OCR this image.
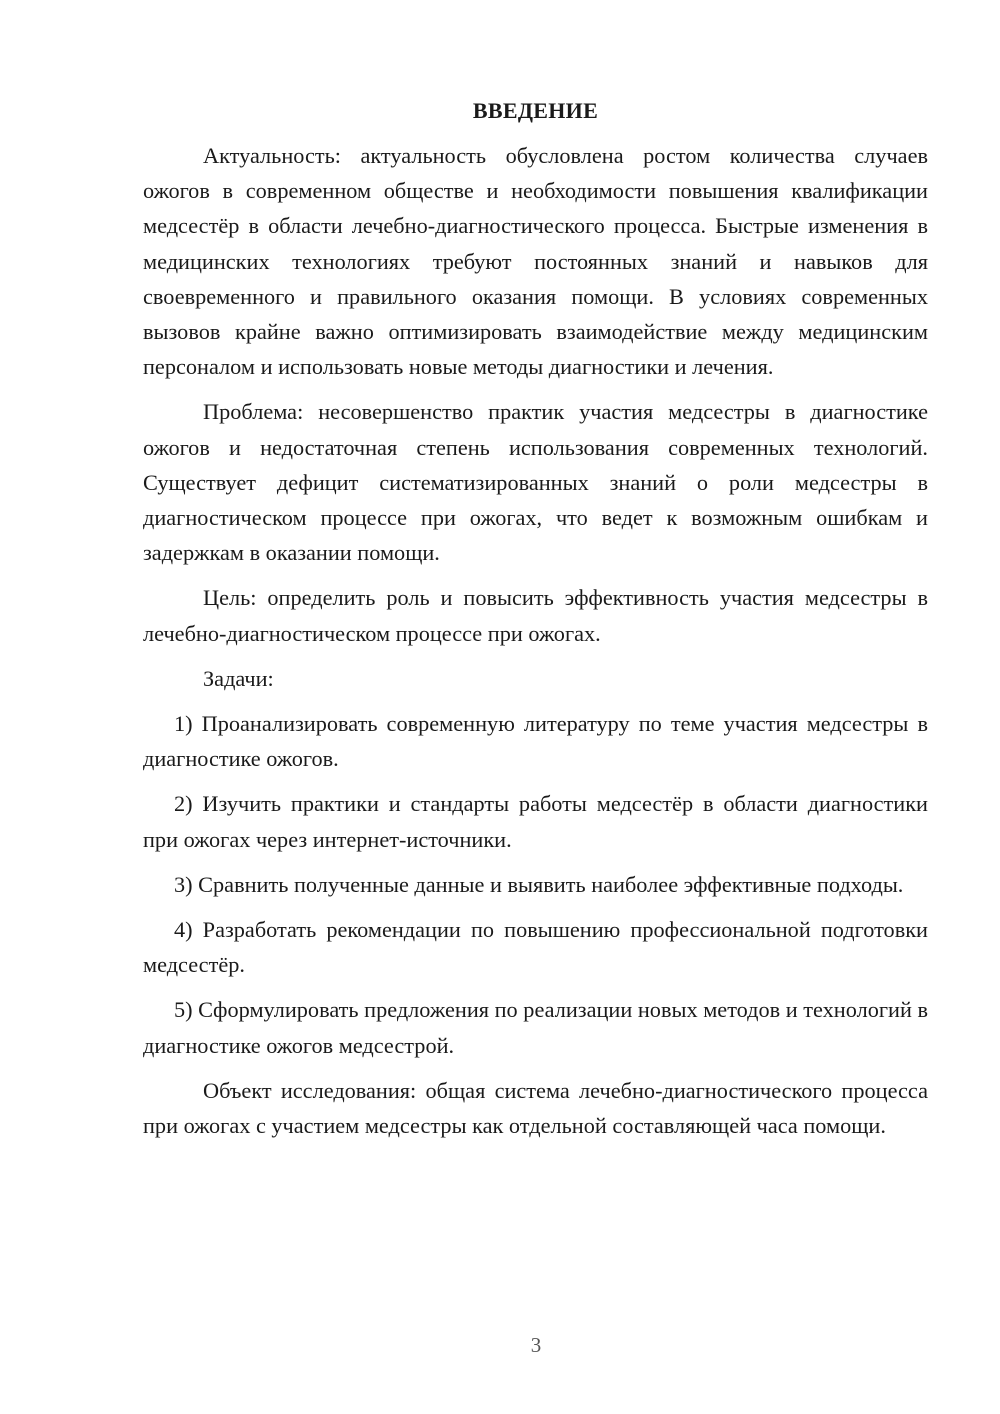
ВВЕДЕНИЕ

Актуальность: актуальность обусловлена ростом количества случаев ожогов в современном обществе и необходимости повышения квалификации медсестёр в области лечебно-диагностического процесса. Быстрые изменения в медицинских технологиях требуют постоянных знаний и навыков для своевременного и правильного оказания помощи. В условиях современных вызовов крайне важно оптимизировать взаимодействие между медицинским персоналом и использовать новые методы диагностики и лечения.

Проблема: несовершенство практик участия медсестры в диагностике ожогов и недостаточная степень использования современных технологий. Существует дефицит систематизированных знаний о роли медсестры в диагностическом процессе при ожогах, что ведет к возможным ошибкам и задержкам в оказании помощи.

Цель: определить роль и повысить эффективность участия медсестры в лечебно-диагностическом процессе при ожогах.

Задачи:

1) Проанализировать современную литературу по теме участия медсестры в диагностике ожогов.

2) Изучить практики и стандарты работы медсестёр в области диагностики при ожогах через интернет-источники.

3) Сравнить полученные данные и выявить наиболее эффективные подходы.

4) Разработать рекомендации по повышению профессиональной подготовки медсестёр.

5) Сформулировать предложения по реализации новых методов и технологий в диагностике ожогов медсестрой.

Объект исследования: общая система лечебно-диагностического процесса при ожогах с участием медсестры как отдельной составляющей часа помощи.

3
